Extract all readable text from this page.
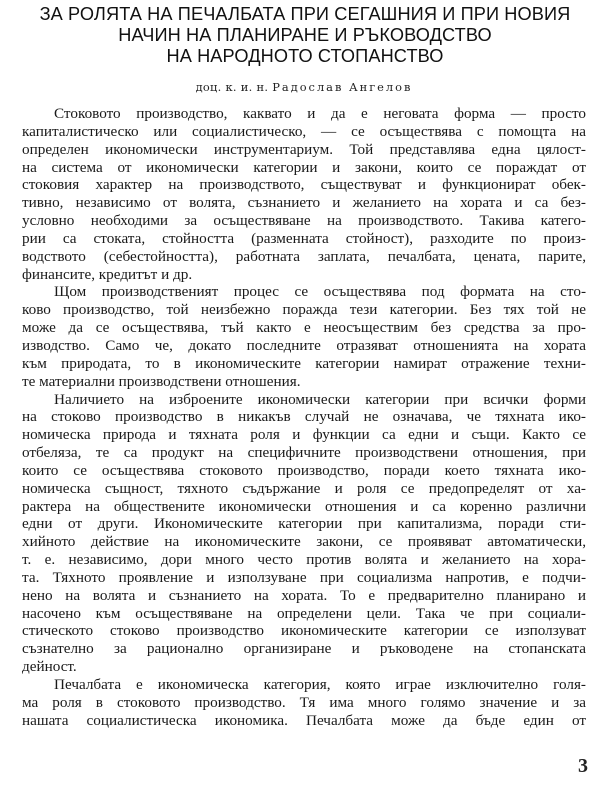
ЗА РОЛЯТА НА ПЕЧАЛБАТА ПРИ СЕГАШНИЯ И ПРИ НОВИЯ
НАЧИН НА ПЛАНИРАНЕ И РЪКОВОДСТВО
НА НАРОДНОТО СТОПАНСТВО
доц. к. и. н. Радослав Ангелов

Стоковото производство, каквато и да е неговата форма — просто
капиталистическо или социалистическо, — се осъществява с помощта на
определен икономически инструментариум. Той представлява една цялост-
на система от икономически категории и закони, които се пораждат от
стоковия характер на производството, съществуват и функционират обек-
тивно, независимо от волята, съзнанието и желанието на хората и са без-
условно необходими за осъществяване на производството. Такива катего-
рии са стоката, стойността (разменната стойност), разходите по произ-
водството (себестойността), работната заплата, печалбата, цената, парите,
финансите, кредитът и др.

Щом производственият процес се осъществява под формата на сто-
ково производство, той неизбежно поражда тези категории. Без тях той не
може да се осъществява, тъй както е неосъществим без средства за про-
изводство. Само че, докато последните отразяват отношенията на хората
към природата, то в икономическите категории намират отражение техни-
те материални производствени отношения.

Наличието на изброените икономически категории при всички форми
на стоково производство в никакъв случай не означава, че тяхната ико-
номическа природа и тяхната роля и функции са едни и същи. Както се
отбеляза, те са продукт на специфичните производствени отношения, при
които се осъществява стоковото производство, поради което тяхната ико-
номическа същност, тяхното съдържание и роля се предопределят от ха-
рактера на обществените икономически отношения и са коренно различни
едни от други. Икономическите категории при капитализма, поради сти-
хийното действие на икономическите закони, се проявяват автоматически,
т. е. независимо, дори много често против волята и желанието на хора-
та. Тяхното проявление и използуване при социализма напротив, е подчи-
нено на волята и съзнанието на хората. То е предварително планирано и
насочено към осъществяване на определени цели. Така че при социали-
стическото стоково производство икономическите категории се използуват
съзнателно за рационално организиране и ръководене на стопанската
дейност.

Печалбата е икономическа категория, която играе изключително голя-
ма роля в стоковото производство. Тя има много голямо значение и за
нашата социалистическа икономика. Печалбата може да бъде един от

3
